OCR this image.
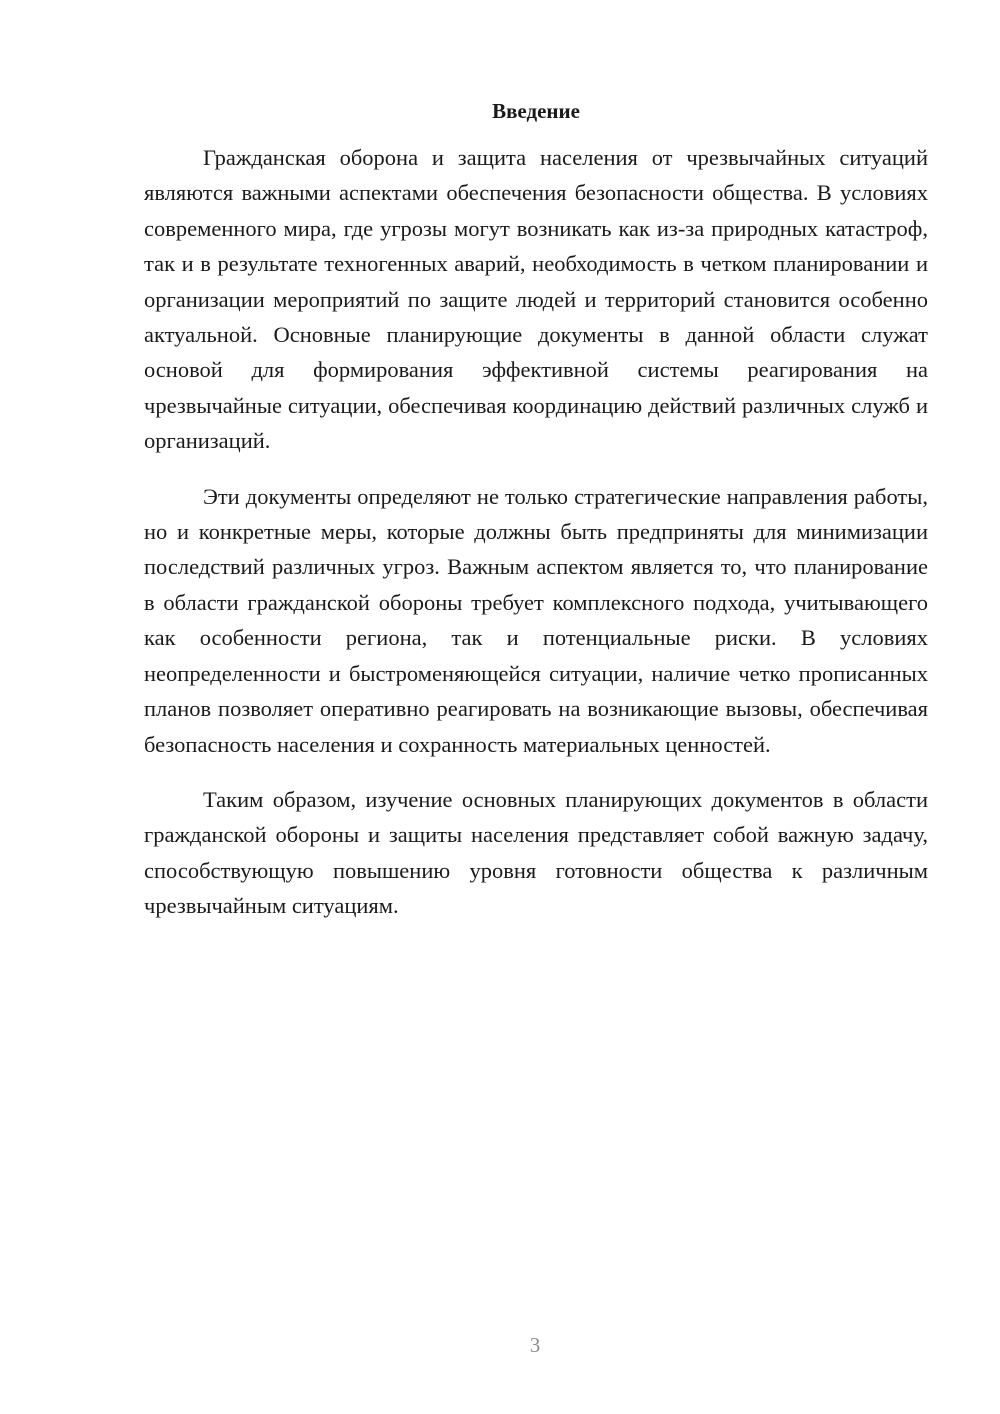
Введение

Гражданская оборона и защита населения от чрезвычайных ситуаций являются важными аспектами обеспечения безопасности общества. В условиях современного мира, где угрозы могут возникать как из-за природных катастроф, так и в результате техногенных аварий, необходимость в четком планировании и организации мероприятий по защите людей и территорий становится особенно актуальной. Основные планирующие документы в данной области служат основой для формирования эффективной системы реагирования на чрезвычайные ситуации, обеспечивая координацию действий различных служб и организаций.

Эти документы определяют не только стратегические направления работы, но и конкретные меры, которые должны быть предприняты для минимизации последствий различных угроз. Важным аспектом является то, что планирование в области гражданской обороны требует комплексного подхода, учитывающего как особенности региона, так и потенциальные риски. В условиях неопределенности и быстроменяющейся ситуации, наличие четко прописанных планов позволяет оперативно реагировать на возникающие вызовы, обеспечивая безопасность населения и сохранность материальных ценностей.

Таким образом, изучение основных планирующих документов в области гражданской обороны и защиты населения представляет собой важную задачу, способствующую повышению уровня готовности общества к различным чрезвычайным ситуациям.

3
